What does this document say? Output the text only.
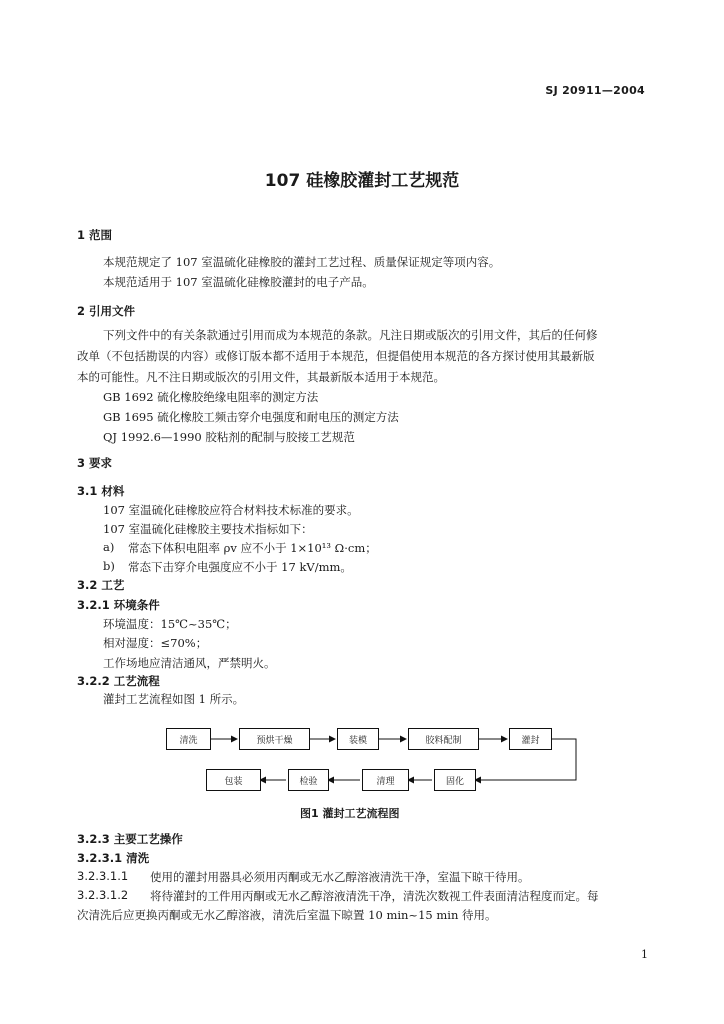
SJ 20911—2004
107 硅橡胶灌封工艺规范
1 范围
本规范规定了 107 室温硫化硅橡胶的灌封工艺过程、质量保证规定等项内容。
本规范适用于 107 室温硫化硅橡胶灌封的电子产品。
2 引用文件
下列文件中的有关条款通过引用而成为本规范的条款。凡注日期或版次的引用文件，其后的任何修
改单（不包括勘误的内容）或修订版本都不适用于本规范，但提倡使用本规范的各方探讨使用其最新版
本的可能性。凡不注日期或版次的引用文件，其最新版本适用于本规范。
GB 1692 硫化橡胶绝缘电阻率的测定方法
GB 1695 硫化橡胶工频击穿介电强度和耐电压的测定方法
QJ 1992.6—1990 胶粘剂的配制与胶接工艺规范
3 要求
3.1 材料
107 室温硫化硅橡胶应符合材料技术标准的要求。
107 室温硫化硅橡胶主要技术指标如下：
a) 常态下体积电阻率 ρv 应不小于 1×10¹³ Ω·cm；
b) 常态下击穿介电强度应不小于 17 kV/mm。
3.2 工艺
3.2.1 环境条件
环境温度：15℃~35℃；
相对湿度：≤70%；
工作场地应清洁通风，严禁明火。
3.2.2 工艺流程
灌封工艺流程如图 1 所示。
清洗	预烘干燥	装模	胶料配制	灌封
包装	检验	清理	固化
图1 灌封工艺流程图
3.2.3 主要工艺操作
3.2.3.1 清洗
3.2.3.1.1 使用的灌封用器具必须用丙酮或无水乙醇溶液清洗干净，室温下晾干待用。
3.2.3.1.2 将待灌封的工件用丙酮或无水乙醇溶液清洗干净，清洗次数视工件表面清洁程度而定。每
次清洗后应更换丙酮或无水乙醇溶液，清洗后室温下晾置 10 min~15 min 待用。
1
